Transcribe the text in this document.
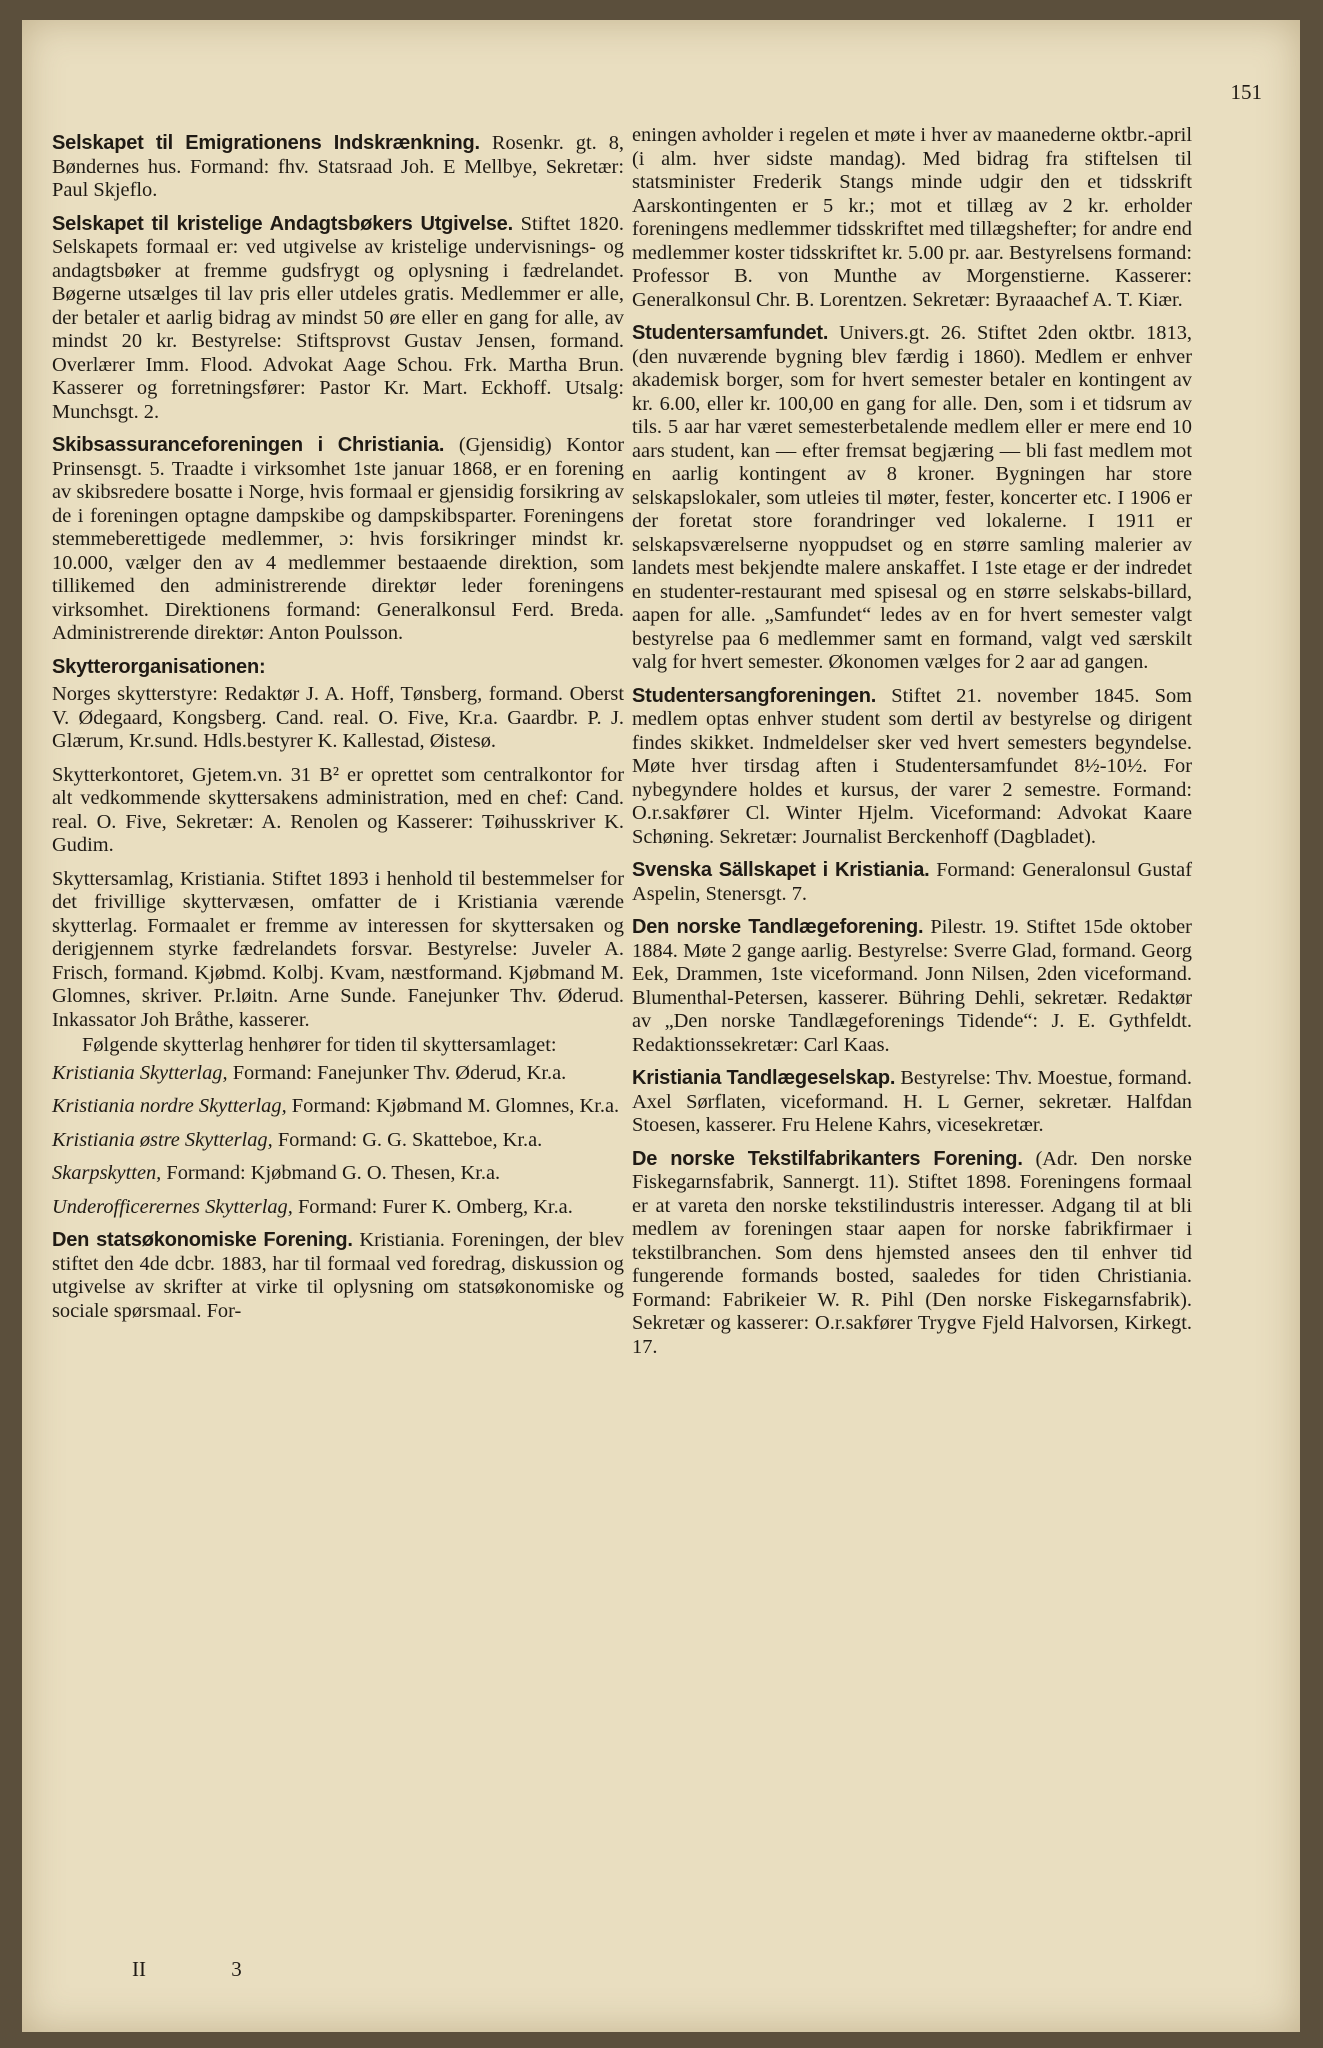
151

Selskapet til Emigrationens Indskrænkning. Rosenkr. gt. 8, Bøndernes hus. Formand: fhv. Statsraad Joh. E Mellbye, Sekretær: Paul Skjeflo.

Selskapet til kristelige Andagtsbøkers Utgivelse. Stiftet 1820. Selskapets formaal er: ved utgivelse av kristelige undervisnings- og andagtsbøker at fremme gudsfrygt og oplysning i fædrelandet. Bøgerne utsælges til lav pris eller utdeles gratis. Medlemmer er alle, der betaler et aarlig bidrag av mindst 50 øre eller en gang for alle, av mindst 20 kr. Bestyrelse: Stiftsprovst Gustav Jensen, formand. Overlærer Imm. Flood. Advokat Aage Schou. Frk. Martha Brun. Kasserer og forretningsfører: Pastor Kr. Mart. Eckhoff. Utsalg: Munchsgt. 2.

Skibsassuranceforeningen i Christiania. (Gjensidig) Kontor Prinsensgt. 5. Traadte i virksomhet 1ste januar 1868, er en forening av skibsredere bosatte i Norge, hvis formaal er gjensidig forsikring av de i foreningen optagne dampskibe og dampskibsparter. Foreningens stemmeberettigede medlemmer, ɔ: hvis forsikringer mindst kr. 10.000, vælger den av 4 medlemmer bestaaende direktion, som tillikemed den administrerende direktør leder foreningens virksomhet. Direktionens formand: Generalkonsul Ferd. Breda. Administrerende direktør: Anton Poulsson.

Skytterorganisationen:

Norges skytterstyre: Redaktør J. A. Hoff, Tønsberg, formand. Oberst V. Ødegaard, Kongsberg. Cand. real. O. Five, Kr.a. Gaardbr. P. J. Glærum, Kr.sund. Hdls.bestyrer K. Kallestad, Øistesø.

Skytterkontoret, Gjetem.vn. 31 B² er oprettet som centralkontor for alt vedkommende skyttersakens administration, med en chef: Cand. real. O. Five, Sekretær: A. Renolen og Kasserer: Tøihusskriver K. Gudim.

Skyttersamlag, Kristiania. Stiftet 1893 i henhold til bestemmelser for det frivillige skyttervæsen, omfatter de i Kristiania værende skytterlag. Formaalet er fremme av interessen for skyttersaken og derigjennem styrke fædrelandets forsvar. Bestyrelse: Juveler A. Frisch, formand. Kjøbmd. Kolbj. Kvam, næstformand. Kjøbmand M. Glomnes, skriver. Pr.løitn. Arne Sunde. Fanejunker Thv. Øderud. Inkassator Joh Bråthe, kasserer.

Følgende skytterlag henhører for tiden til skyttersamlaget:

Kristiania Skytterlag, Formand: Fanejunker Thv. Øderud, Kr.a.

Kristiania nordre Skytterlag, Formand: Kjøbmand M. Glomnes, Kr.a.

Kristiania østre Skytterlag, Formand: G. G. Skatteboe, Kr.a.

Skarpskytten, Formand: Kjøbmand G. O. Thesen, Kr.a.

Underofficerernes Skytterlag, Formand: Furer K. Omberg, Kr.a.

Den statsøkonomiske Forening. Kristiania. Foreningen, der blev stiftet den 4de dcbr. 1883, har til formaal ved foredrag, diskussion og utgivelse av skrifter at virke til oplysning om statsøkonomiske og sociale spørsmaal. For-

eningen avholder i regelen et møte i hver av maanederne oktbr.-april (i alm. hver sidste mandag). Med bidrag fra stiftelsen til statsminister Frederik Stangs minde udgir den et tidsskrift Aarskontingenten er 5 kr.; mot et tillæg av 2 kr. erholder foreningens medlemmer tidsskriftet med tillægshefter; for andre end medlemmer koster tidsskriftet kr. 5.00 pr. aar. Bestyrelsens formand: Professor B. von Munthe av Morgenstierne. Kasserer: Generalkonsul Chr. B. Lorentzen. Sekretær: Byraaachef A. T. Kiær.

Studentersamfundet. Univers.gt. 26. Stiftet 2den oktbr. 1813, (den nuværende bygning blev færdig i 1860). Medlem er enhver akademisk borger, som for hvert semester betaler en kontingent av kr. 6.00, eller kr. 100,00 en gang for alle. Den, som i et tidsrum av tils. 5 aar har været semesterbetalende medlem eller er mere end 10 aars student, kan — efter fremsat begjæring — bli fast medlem mot en aarlig kontingent av 8 kroner. Bygningen har store selskapslokaler, som utleies til møter, fester, koncerter etc. I 1906 er der foretat store forandringer ved lokalerne. I 1911 er selskapsværelserne nyoppudset og en større samling malerier av landets mest bekjendte malere anskaffet. I 1ste etage er der indredet en studenter-restaurant med spisesal og en større selskabs-billard, aapen for alle. „Samfundet“ ledes av en for hvert semester valgt bestyrelse paa 6 medlemmer samt en formand, valgt ved særskilt valg for hvert semester. Økonomen vælges for 2 aar ad gangen.

Studentersangforeningen. Stiftet 21. november 1845. Som medlem optas enhver student som dertil av bestyrelse og dirigent findes skikket. Indmeldelser sker ved hvert semesters begyndelse. Møte hver tirsdag aften i Studentersamfundet 8½-10½. For nybegyndere holdes et kursus, der varer 2 semestre. Formand: O.r.sakfører Cl. Winter Hjelm. Viceformand: Advokat Kaare Schøning. Sekretær: Journalist Berckenhoff (Dagbladet).

Svenska Sällskapet i Kristiania. Formand: Generalonsul Gustaf Aspelin, Stenersgt. 7.

Den norske Tandlægeforening. Pilestr. 19. Stiftet 15de oktober 1884. Møte 2 gange aarlig. Bestyrelse: Sverre Glad, formand. Georg Eek, Drammen, 1ste viceformand. Jonn Nilsen, 2den viceformand. Blumenthal-Petersen, kasserer. Bühring Dehli, sekretær. Redaktør av „Den norske Tandlægeforenings Tidende“: J. E. Gythfeldt. Redaktionssekretær: Carl Kaas.

Kristiania Tandlægeselskap. Bestyrelse: Thv. Moestue, formand. Axel Sørflaten, viceformand. H. L Gerner, sekretær. Halfdan Stoesen, kasserer. Fru Helene Kahrs, vicesekretær.

De norske Tekstilfabrikanters Forening. (Adr. Den norske Fiskegarnsfabrik, Sannergt. 11). Stiftet 1898. Foreningens formaal er at vareta den norske tekstilindustris interesser. Adgang til at bli medlem av foreningen staar aapen for norske fabrikfirmaer i tekstilbranchen. Som dens hjemsted ansees den til enhver tid fungerende formands bosted, saaledes for tiden Christiania. Formand: Fabrikeier W. R. Pihl (Den norske Fiskegarnsfabrik). Sekretær og kasserer: O.r.sakfører Trygve Fjeld Halvorsen, Kirkegt. 17.

II 3
